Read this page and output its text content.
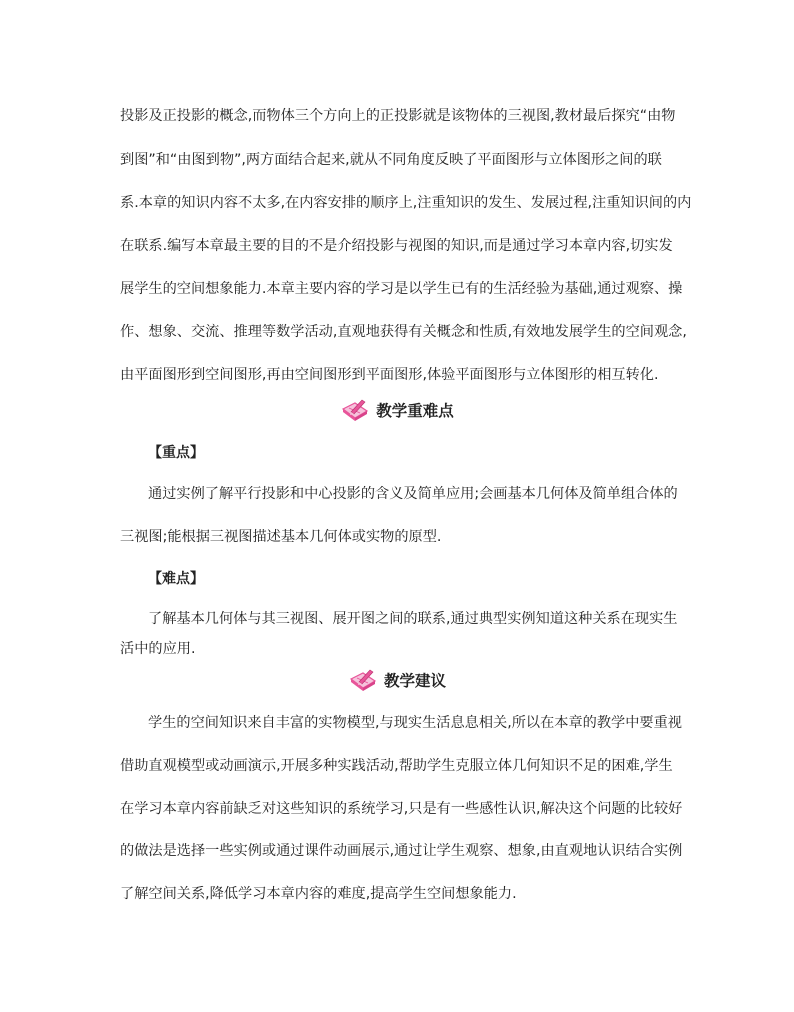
投影及正投影的概念,而物体三个方向上的正投影就是该物体的三视图,教材最后探究“由物
到图”和“由图到物”,两方面结合起来,就从不同角度反映了平面图形与立体图形之间的联
系.本章的知识内容不太多,在内容安排的顺序上,注重知识的发生、发展过程,注重知识间的内
在联系.编写本章最主要的目的不是介绍投影与视图的知识,而是通过学习本章内容,切实发
展学生的空间想象能力.本章主要内容的学习是以学生已有的生活经验为基础,通过观察、操
作、想象、交流、推理等数学活动,直观地获得有关概念和性质,有效地发展学生的空间观念,
由平面图形到空间图形,再由空间图形到平面图形,体验平面图形与立体图形的相互转化.
教学重难点
【重点】
通过实例了解平行投影和中心投影的含义及简单应用;会画基本几何体及简单组合体的
三视图;能根据三视图描述基本几何体或实物的原型.
【难点】
了解基本几何体与其三视图、展开图之间的联系,通过典型实例知道这种关系在现实生
活中的应用.
教学建议
学生的空间知识来自丰富的实物模型,与现实生活息息相关,所以在本章的教学中要重视
借助直观模型或动画演示,开展多种实践活动,帮助学生克服立体几何知识不足的困难,学生
在学习本章内容前缺乏对这些知识的系统学习,只是有一些感性认识,解决这个问题的比较好
的做法是选择一些实例或通过课件动画展示,通过让学生观察、想象,由直观地认识结合实例
了解空间关系,降低学习本章内容的难度,提高学生空间想象能力.
